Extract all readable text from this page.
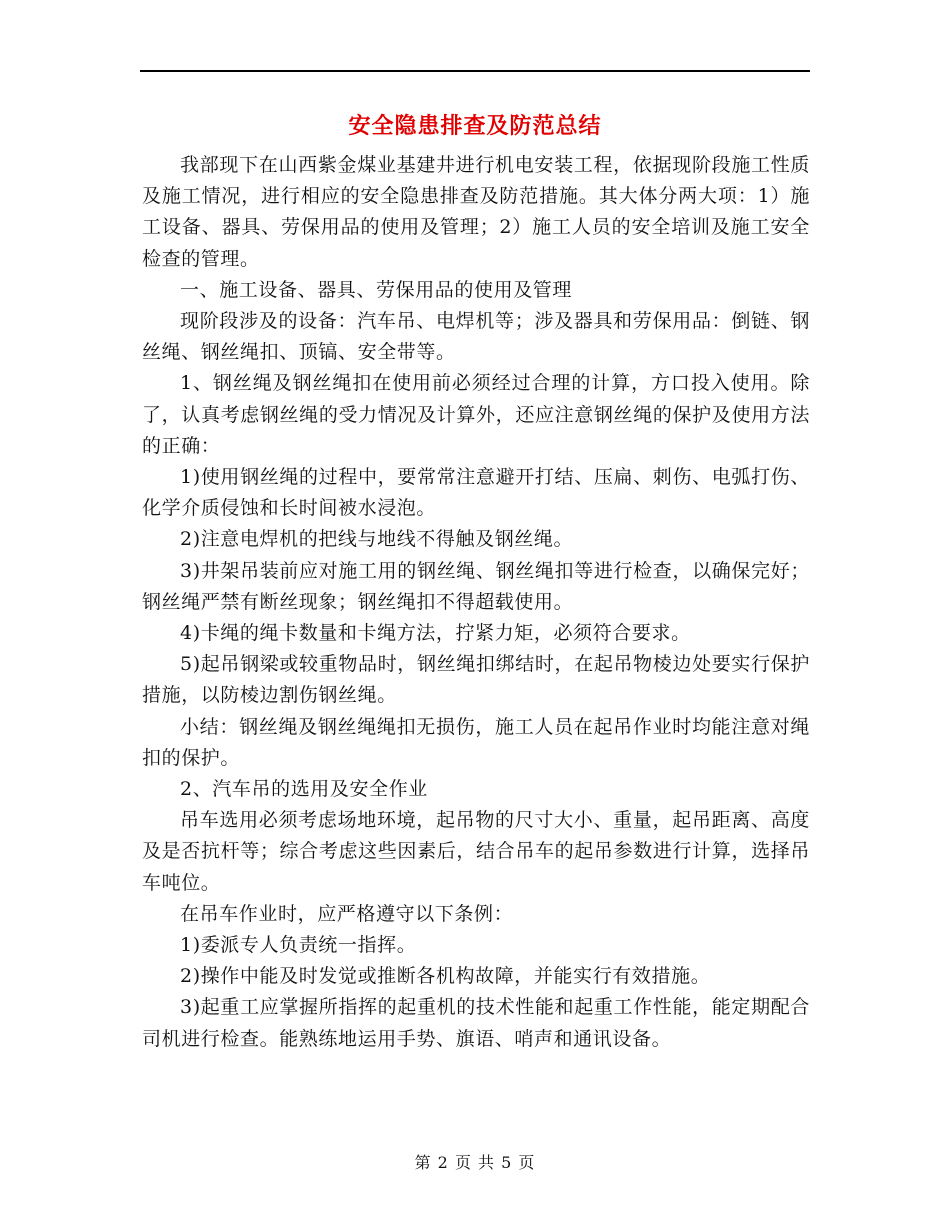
安全隐患排查及防范总结

我部现下在山西紫金煤业基建井进行机电安装工程，依据现阶段施工性质及施工情况，进行相应的安全隐患排查及防范措施。其大体分两大项：1）施工设备、器具、劳保用品的使用及管理；2）施工人员的安全培训及施工安全检查的管理。

一、施工设备、器具、劳保用品的使用及管理

现阶段涉及的设备：汽车吊、电焊机等；涉及器具和劳保用品：倒链、钢丝绳、钢丝绳扣、顶镐、安全带等。

1、钢丝绳及钢丝绳扣在使用前必须经过合理的计算，方口投入使用。除了，认真考虑钢丝绳的受力情况及计算外，还应注意钢丝绳的保护及使用方法的正确：

1)使用钢丝绳的过程中，要常常注意避开打结、压扁、刺伤、电弧打伤、化学介质侵蚀和长时间被水浸泡。

2)注意电焊机的把线与地线不得触及钢丝绳。

3)井架吊装前应对施工用的钢丝绳、钢丝绳扣等进行检查，以确保完好；钢丝绳严禁有断丝现象；钢丝绳扣不得超载使用。

4)卡绳的绳卡数量和卡绳方法，拧紧力矩，必须符合要求。

5)起吊钢梁或较重物品时，钢丝绳扣绑结时，在起吊物棱边处要实行保护措施，以防棱边割伤钢丝绳。

小结：钢丝绳及钢丝绳绳扣无损伤，施工人员在起吊作业时均能注意对绳扣的保护。

2、汽车吊的选用及安全作业

吊车选用必须考虑场地环境，起吊物的尺寸大小、重量，起吊距离、高度及是否抗杆等；综合考虑这些因素后，结合吊车的起吊参数进行计算，选择吊车吨位。

在吊车作业时，应严格遵守以下条例：

1)委派专人负责统一指挥。

2)操作中能及时发觉或推断各机构故障，并能实行有效措施。

3)起重工应掌握所指挥的起重机的技术性能和起重工作性能，能定期配合司机进行检查。能熟练地运用手势、旗语、哨声和通讯设备。

第 2 页 共 5 页
